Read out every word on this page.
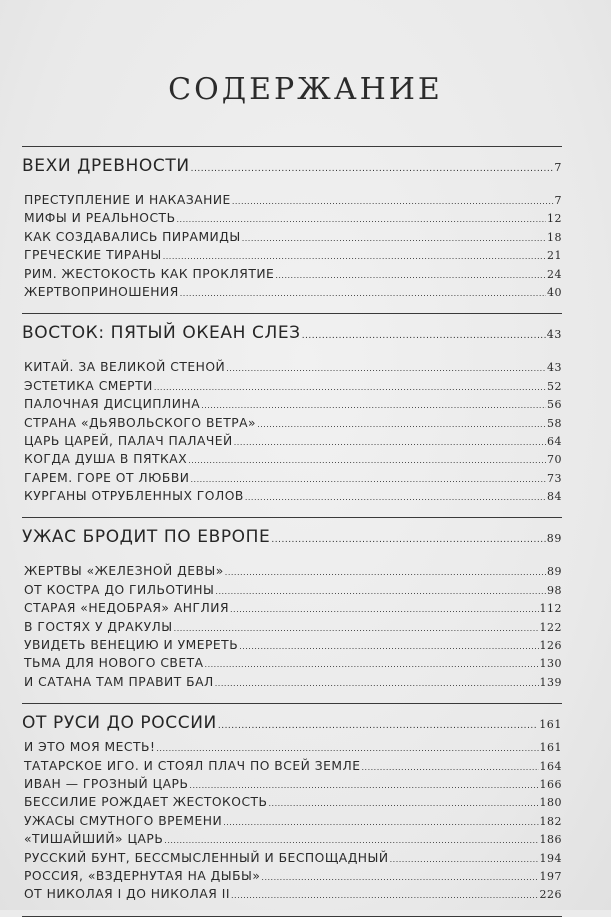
СОДЕРЖАНИЕ
ВЕХИ ДРЕВНОСТИ .....	7
ПРЕСТУПЛЕНИЕ И НАКАЗАНИЕ .....	7
МИФЫ И РЕАЛЬНОСТЬ .....	12
КАК СОЗДАВАЛИСЬ ПИРАМИДЫ .....	18
ГРЕЧЕСКИЕ ТИРАНЫ .....	21
РИМ. ЖЕСТОКОСТЬ КАК ПРОКЛЯТИЕ .....	24
ЖЕРТВОПРИНОШЕНИЯ .....	40
ВОСТОК: ПЯТЫЙ ОКЕАН СЛЕЗ .....	43
КИТАЙ. ЗА ВЕЛИКОЙ СТЕНОЙ .....	43
ЭСТЕТИКА СМЕРТИ .....	52
ПАЛОЧНАЯ ДИСЦИПЛИНА .....	56
СТРАНА «ДЬЯВОЛЬСКОГО ВЕТРА» .....	58
ЦАРЬ ЦАРЕЙ, ПАЛАЧ ПАЛАЧЕЙ .....	64
КОГДА ДУША В ПЯТКАХ .....	70
ГАРЕМ. ГОРЕ ОТ ЛЮБВИ .....	73
КУРГАНЫ ОТРУБЛЕННЫХ ГОЛОВ .....	84
УЖАС БРОДИТ ПО ЕВРОПЕ .....	89
ЖЕРТВЫ «ЖЕЛЕЗНОЙ ДЕВЫ» .....	89
ОТ КОСТРА ДО ГИЛЬОТИНЫ .....	98
СТАРАЯ «НЕДОБРАЯ» АНГЛИЯ .....	112
В ГОСТЯХ У ДРАКУЛЫ .....	122
УВИДЕТЬ ВЕНЕЦИЮ И УМЕРЕТЬ .....	126
ТЬМА ДЛЯ НОВОГО СВЕТА .....	130
И САТАНА ТАМ ПРАВИТ БАЛ .....	139
ОТ РУСИ ДО РОССИИ .....	161
И ЭТО МОЯ МЕСТЬ! .....	161
ТАТАРСКОЕ ИГО. И СТОЯЛ ПЛАЧ ПО ВСЕЙ ЗЕМЛЕ .....	164
ИВАН — ГРОЗНЫЙ ЦАРЬ .....	166
БЕССИЛИЕ РОЖДАЕТ ЖЕСТОКОСТЬ .....	180
УЖАСЫ СМУТНОГО ВРЕМЕНИ .....	182
«ТИШАЙШИЙ» ЦАРЬ .....	186
РУССКИЙ БУНТ, БЕССМЫСЛЕННЫЙ И БЕСПОЩАДНЫЙ .....	194
РОССИЯ, «ВЗДЕРНУТАЯ НА ДЫБЫ» .....	197
ОТ НИКОЛАЯ I ДО НИКОЛАЯ II .....	226
